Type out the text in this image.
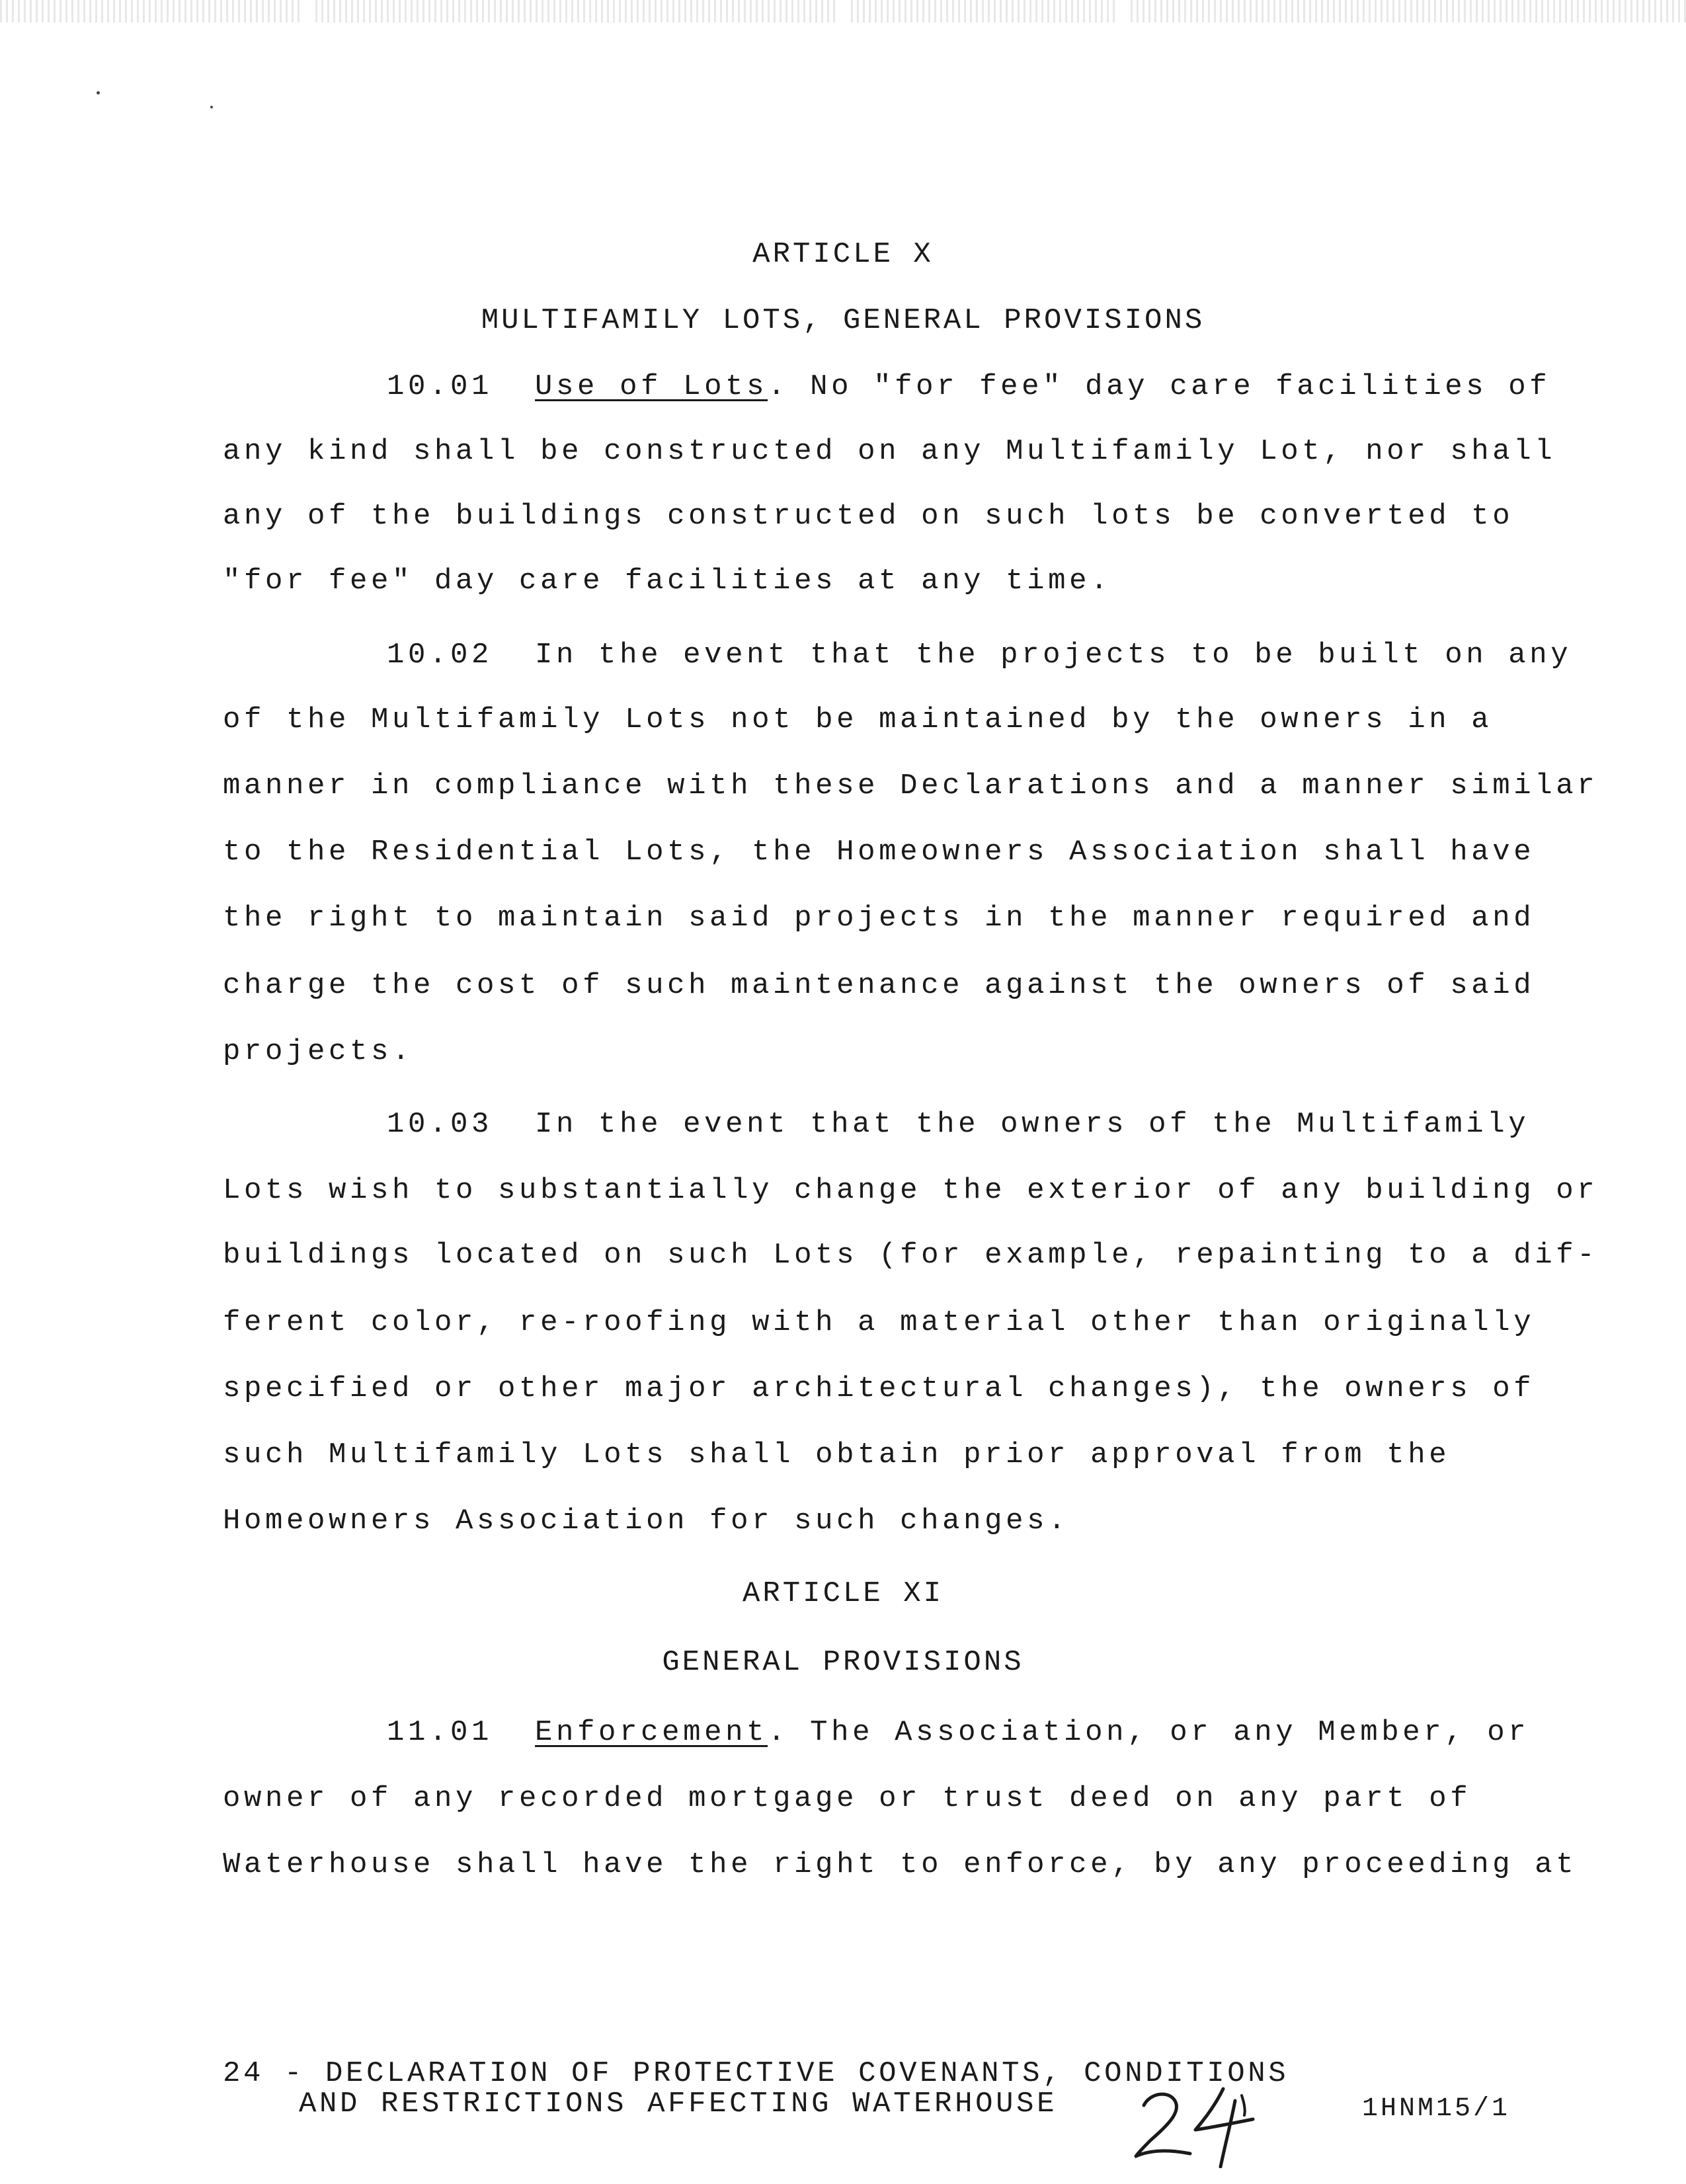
ARTICLE X
MULTIFAMILY LOTS, GENERAL PROVISIONS
10.01 Use of Lots. No "for fee" day care facilities of
any kind shall be constructed on any Multifamily Lot, nor shall
any of the buildings constructed on such lots be converted to
"for fee" day care facilities at any time.
10.02 In the event that the projects to be built on any
of the Multifamily Lots not be maintained by the owners in a
manner in compliance with these Declarations and a manner similar
to the Residential Lots, the Homeowners Association shall have
the right to maintain said projects in the manner required and
charge the cost of such maintenance against the owners of said
projects.
10.03 In the event that the owners of the Multifamily
Lots wish to substantially change the exterior of any building or
buildings located on such Lots (for example, repainting to a dif-
ferent color, re-roofing with a material other than originally
specified or other major architectural changes), the owners of
such Multifamily Lots shall obtain prior approval from the
Homeowners Association for such changes.
ARTICLE XI
GENERAL PROVISIONS
11.01 Enforcement. The Association, or any Member, or
owner of any recorded mortgage or trust deed on any part of
Waterhouse shall have the right to enforce, by any proceeding at
24 - DECLARATION OF PROTECTIVE COVENANTS, CONDITIONS
AND RESTRICTIONS AFFECTING WATERHOUSE	1HNM15/1
